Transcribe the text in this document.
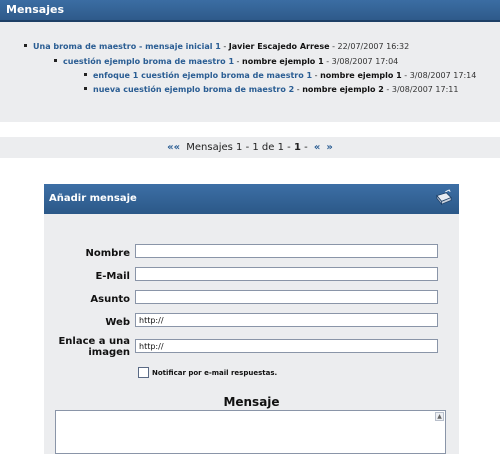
Mensajes
Una broma de maestro - mensaje inicial 1 - Javier Escajedo Arrese - 22/07/2007 16:32
cuestión ejemplo broma de maestro 1 - nombre ejemplo 1 - 3/08/2007 17:04
enfoque 1 cuestión ejemplo broma de maestro 1 - nombre ejemplo 1 - 3/08/2007 17:14
nueva cuestión ejemplo broma de maestro 2 - nombre ejemplo 2 - 3/08/2007 17:11
«« Mensajes 1 - 1 de 1 - 1 - « »
Añadir mensaje
Nombre
E-Mail
Asunto
Web	http://
Enlace a una
imagen
http://
Notificar por e-mail respuestas.
Mensaje
▲
